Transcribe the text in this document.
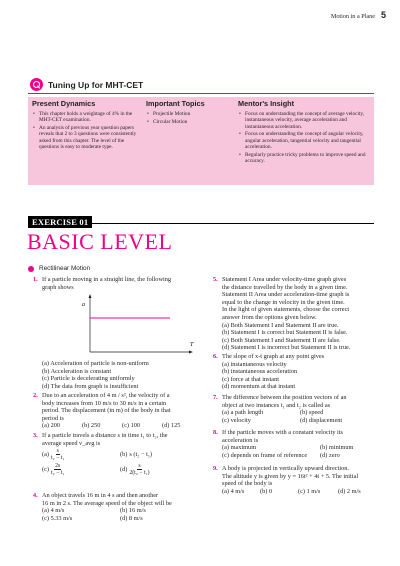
Motion in a Plane 5
Tuning Up for MHT-CET
Present Dynamics
• This chapter holds a weightage of 4% in the MHT-CET examination.
• An analysis of previous year question papers reveals that 2 to 3 questions were consistently asked from this chapter. The level of the questions is easy to moderate type.
Important Topics
• Projectile Motion
• Circular Motion
Mentor's Insight
• Focus on understanding the concept of average velocity, instantaneous velocity, average acceleration and instantaneous acceleration.
• Focus on understanding the concept of angular velocity, angular acceleration, tangential velocity and tangential acceleration.
• Regularly practice tricky problems to improve speed and accuracy.
EXERCISE 01
BASIC LEVEL
Rectilinear Motion
1. If a particle moving in a straight line, the following
graph shows
a
T
(a) Acceleration of particle is non-uniform
(b) Acceleration is constant
(c) Particle is decelerating uniformly
(d) The data from graph is insufficient
2. Due to an acceleration of 4 m / s², the velocity of a
body increases from 10 m/s to 30 m/s in a certain
period. The displacement (in m) of the body in that
period is
(a) 200	(b) 250	(c) 100	(d) 125
3. If a particle travels a distance s in time t₁ to t₂, the
average speed v_avg is
$(a) \frac{s}{\text{t₂ − t₁}}$	(b) s (t₂ − t₁)
$(c) \frac{2s}{\text{t₂ − t₁}}$	$(d) \frac{s}{\text{2(t₂ − t₁)}}$
4. An object travels 16 m in 4 s and then another
16 m in 2 s. The average speed of the object will be
(a) 4 m/s	(b) 16 m/s
(c) 5.33 m/s	(d) 8 m/s
5. Statement I Area under velocity-time graph gives
the distance travelled by the body in a given time.
Statement II Area under acceleration-time graph is
equal to the change in velocity in the given time.
In the light of given statements, choose the correct
answer from the options given below.
(a) Both Statement I and Statement II are true.
(b) Statement I is correct but Statement II is false.
(c) Both Statement I and Statement II are false.
(d) Statement I is incorrect but Statement II is true.
6. The slope of x-t graph at any point gives
(a) instantaneous velocity
(b) instantaneous acceleration
(c) force at that instant
(d) momentum at that instant
7. The difference between the position vectors of an
object at two instances t₁ and t₂ is called as
(a) a path length	(b) speed
(c) velocity	(d) displacement
8. If the particle moves with a constant velocity its
acceleration is
(a) maximum	(b) minimum
(c) depends on frame of reference	(d) zero
9. A body is projected in vertically upward direction.
The altitude y is given by y = 16t² + 4t + 5. The initial
speed of the body is
(a) 4 m/s	(b) 0	(c) 1 m/s	(d) 2 m/s
